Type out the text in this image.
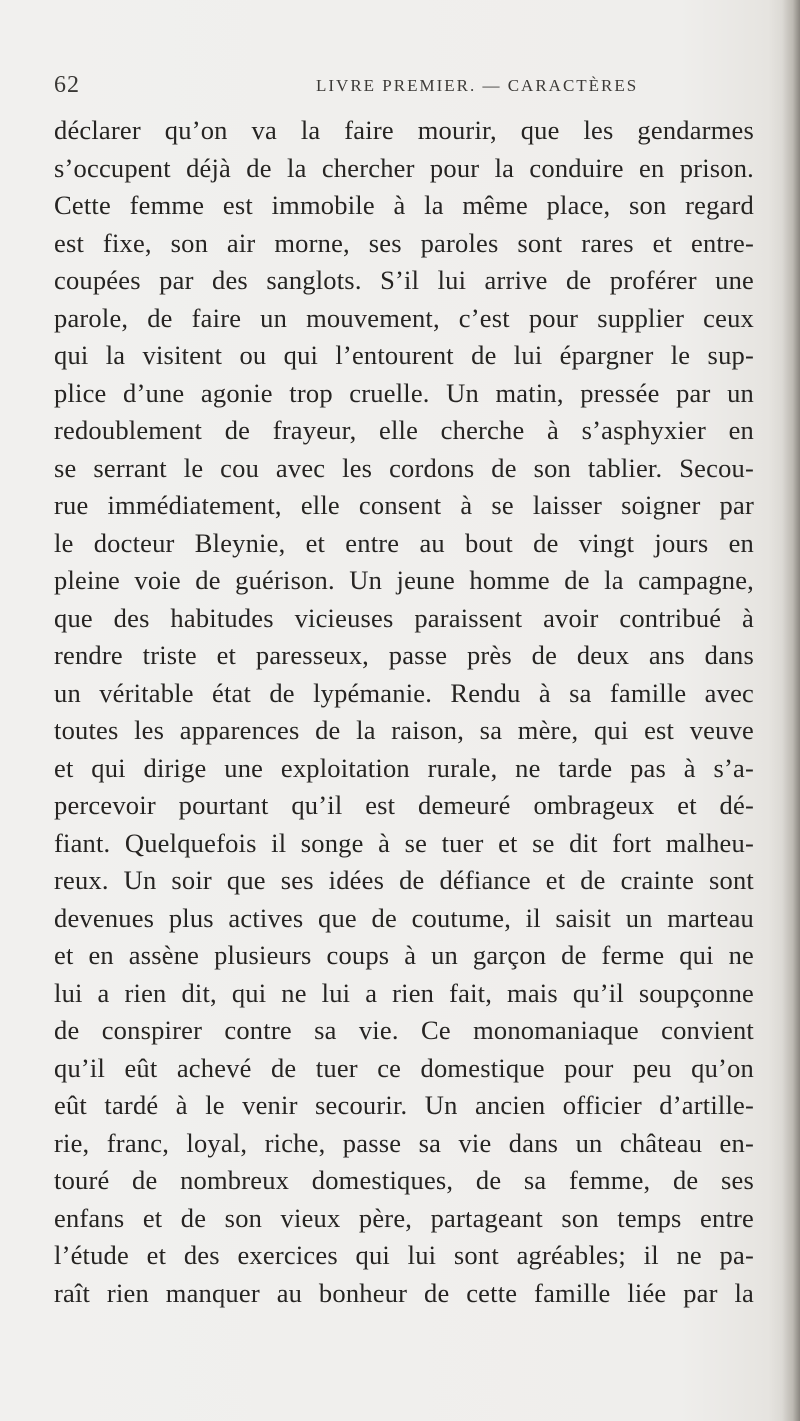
62	LIVRE PREMIER. — CARACTÈRES
déclarer qu’on va la faire mourir, que les gendarmes
s’occupent déjà de la chercher pour la conduire en prison.
Cette femme est immobile à la même place, son regard
est fixe, son air morne, ses paroles sont rares et entre-
coupées par des sanglots. S’il lui arrive de proférer une
parole, de faire un mouvement, c’est pour supplier ceux
qui la visitent ou qui l’entourent de lui épargner le sup-
plice d’une agonie trop cruelle. Un matin, pressée par un
redoublement de frayeur, elle cherche à s’asphyxier en
se serrant le cou avec les cordons de son tablier. Secou-
rue immédiatement, elle consent à se laisser soigner par
le docteur Bleynie, et entre au bout de vingt jours en
pleine voie de guérison. Un jeune homme de la campagne,
que des habitudes vicieuses paraissent avoir contribué à
rendre triste et paresseux, passe près de deux ans dans
un véritable état de lypémanie. Rendu à sa famille avec
toutes les apparences de la raison, sa mère, qui est veuve
et qui dirige une exploitation rurale, ne tarde pas à s’a-
percevoir pourtant qu’il est demeuré ombrageux et dé-
fiant. Quelquefois il songe à se tuer et se dit fort malheu-
reux. Un soir que ses idées de défiance et de crainte sont
devenues plus actives que de coutume, il saisit un marteau
et en assène plusieurs coups à un garçon de ferme qui ne
lui a rien dit, qui ne lui a rien fait, mais qu’il soupçonne
de conspirer contre sa vie. Ce monomaniaque convient
qu’il eût achevé de tuer ce domestique pour peu qu’on
eût tardé à le venir secourir. Un ancien officier d’artille-
rie, franc, loyal, riche, passe sa vie dans un château en-
touré de nombreux domestiques, de sa femme, de ses
enfans et de son vieux père, partageant son temps entre
l’étude et des exercices qui lui sont agréables; il ne pa-
raît rien manquer au bonheur de cette famille liée par la
